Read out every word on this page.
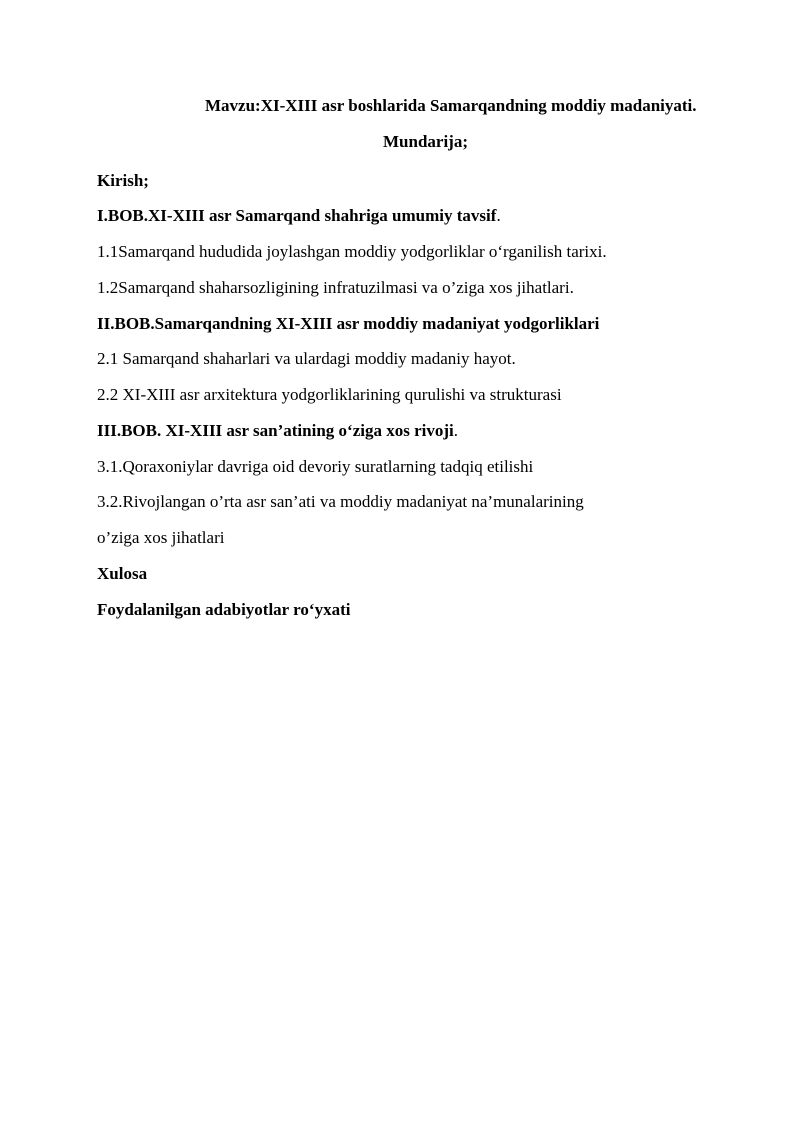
Mavzu:XI-XIII asr boshlarida Samarqandning moddiy madaniyati.
Mundarija;
Kirish;
I.BOB.XI-XIII asr Samarqand shahriga umumiy tavsif.
1.1Samarqand hududida joylashgan moddiy yodgorliklar o‘rganilish tarixi.
1.2Samarqand shaharsozligining infratuzilmasi va o’ziga xos jihatlari.
II.BOB.Samarqandning XI-XIII asr moddiy madaniyat yodgorliklari
2.1 Samarqand shaharlari va ulardagi moddiy madaniy hayot.
2.2 XI-XIII asr arxitektura yodgorliklarining qurulishi va strukturasi
III.BOB. XI-XIII asr san’atining o‘ziga xos rivoji.
3.1.Qoraxoniylar davriga oid devoriy suratlarning tadqiq etilishi
3.2.Rivojlangan o’rta asr san’ati va moddiy madaniyat na’munalarining
o’ziga xos jihatlari
Xulosa
Foydalanilgan adabiyotlar ro‘yxati
